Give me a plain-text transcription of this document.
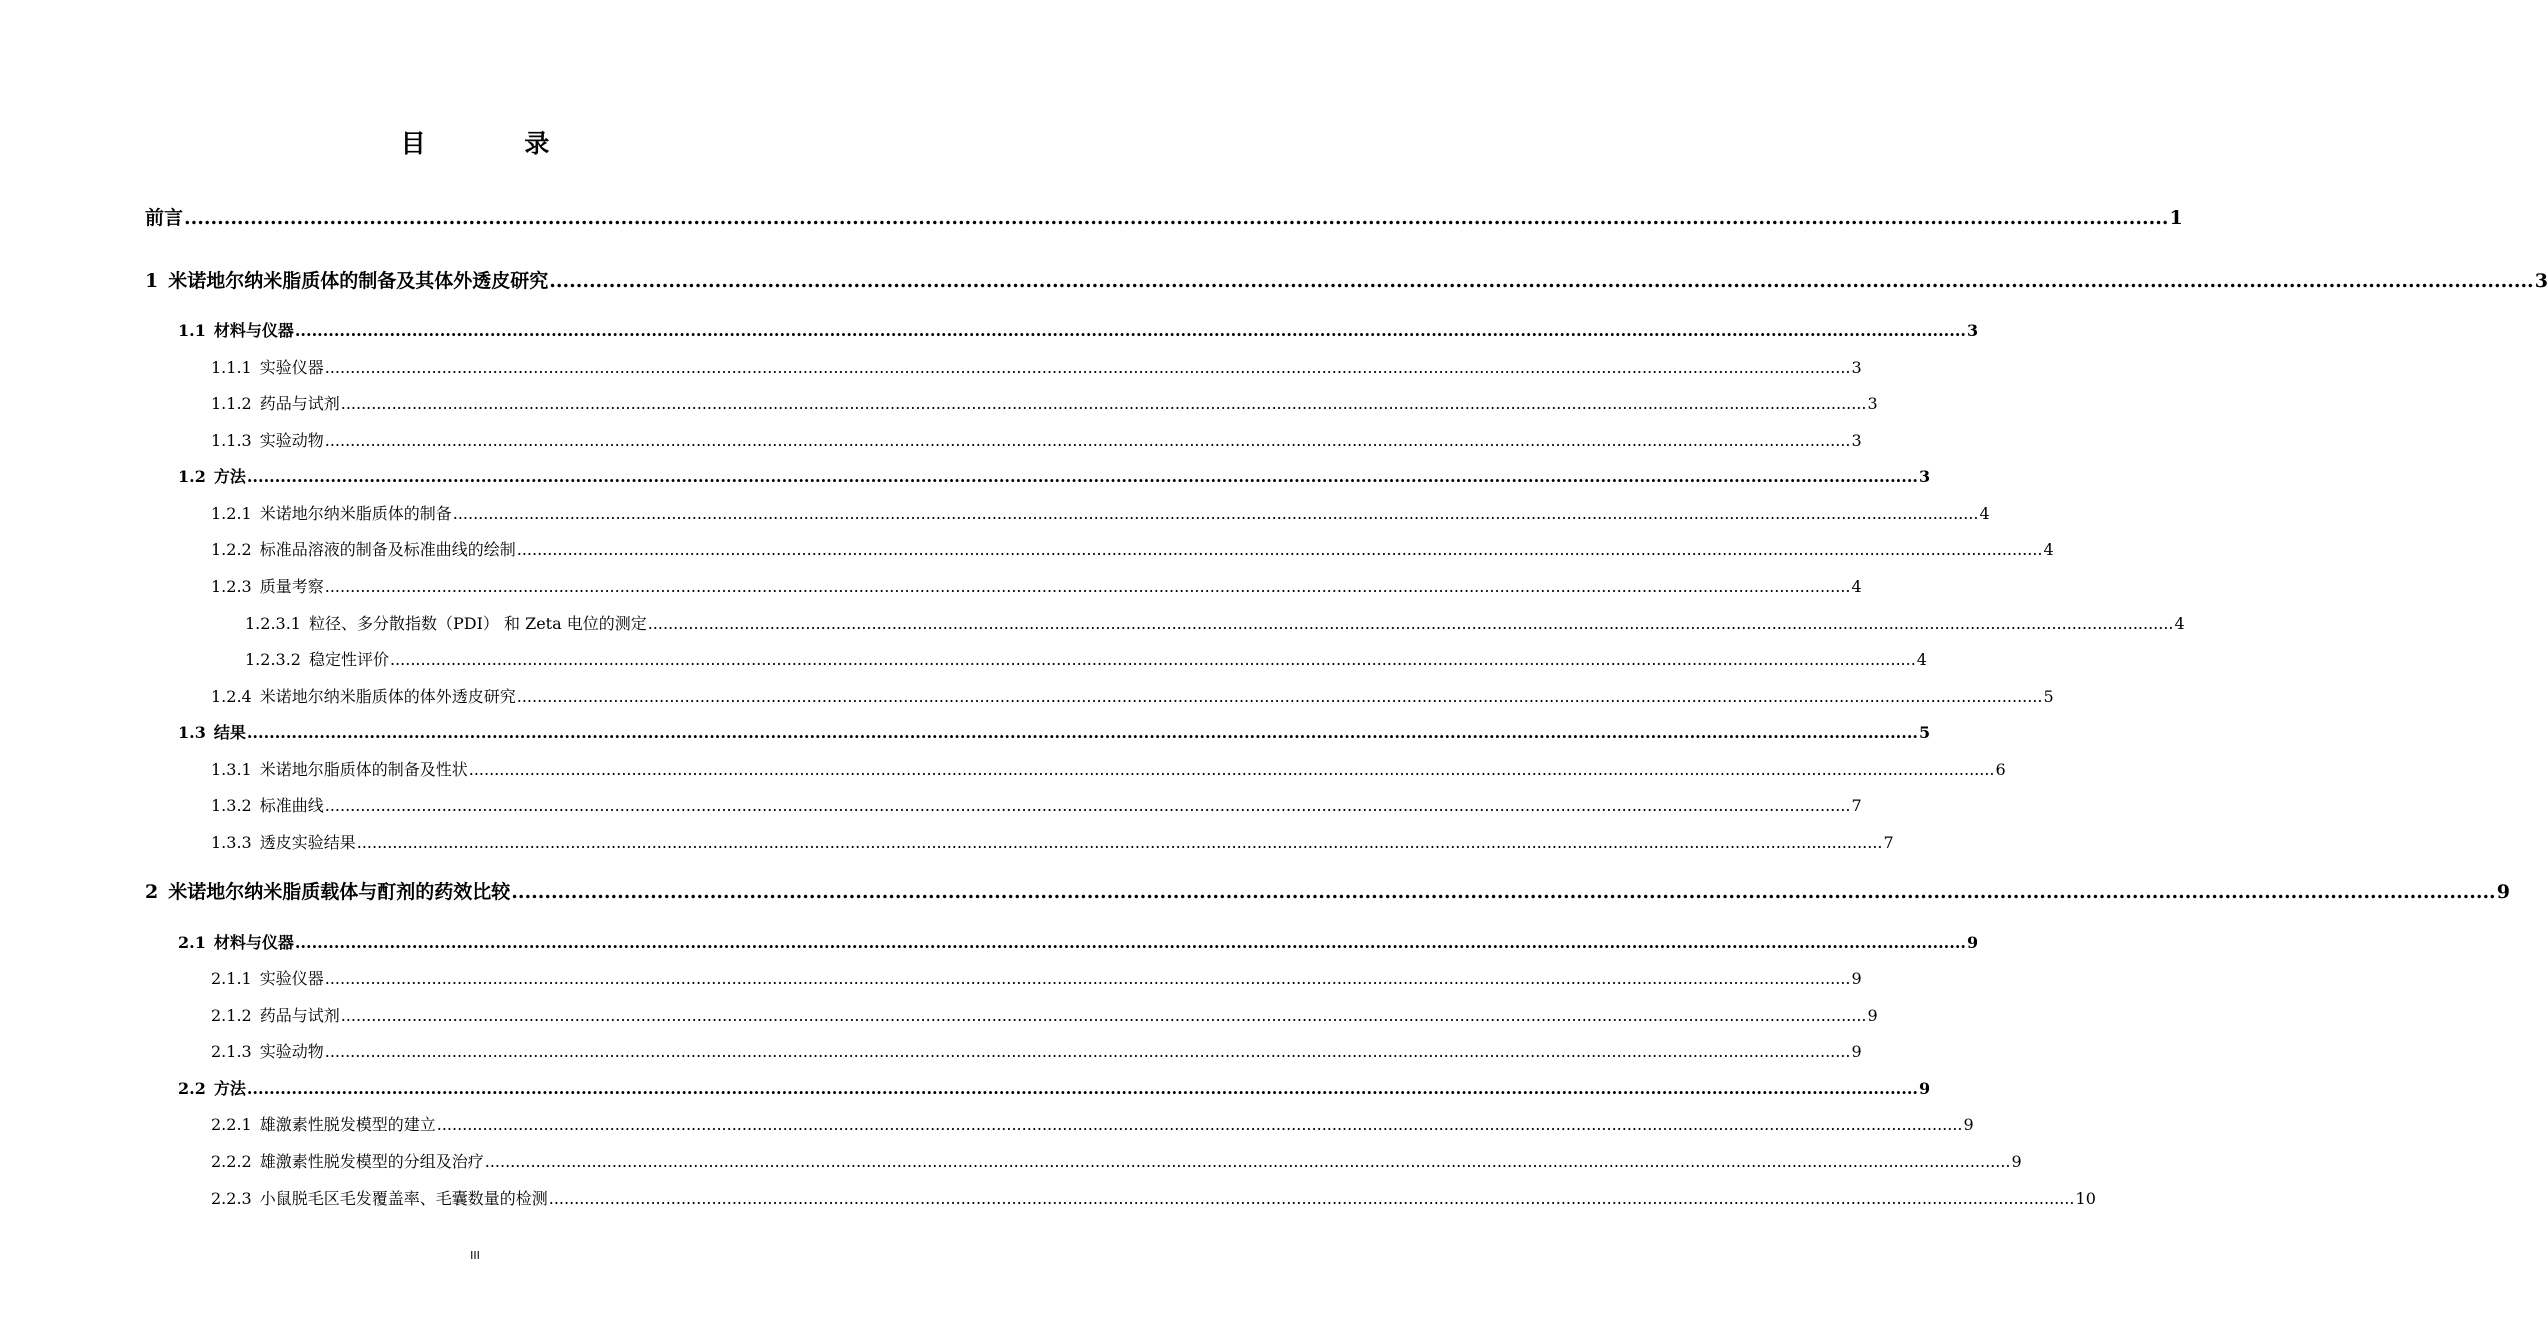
目 录
前言 ............................................................................................................................................................................................................................................................................................................ 1
1 米诺地尔纳米脂质体的制备及其体外透皮研究 ............................................................................................................................................................................................................................................................................................................ 3
1.1 材料与仪器 ............................................................................................................................................................................................................................................................................................................ 3
1.1.1 实验仪器 ............................................................................................................................................................................................................................................................................................................ 3
1.1.2 药品与试剂 ............................................................................................................................................................................................................................................................................................................ 3
1.1.3 实验动物 ............................................................................................................................................................................................................................................................................................................ 3
1.2 方法 ............................................................................................................................................................................................................................................................................................................ 3
1.2.1 米诺地尔纳米脂质体的制备 ............................................................................................................................................................................................................................................................................................................ 4
1.2.2 标准品溶液的制备及标准曲线的绘制 ............................................................................................................................................................................................................................................................................................................ 4
1.2.3 质量考察 ............................................................................................................................................................................................................................................................................................................ 4
1.2.3.1 粒径、多分散指数（PDI） 和 Zeta 电位的测定 ............................................................................................................................................................................................................................................................................................................ 4
1.2.3.2 稳定性评价 ............................................................................................................................................................................................................................................................................................................ 4
1.2.4 米诺地尔纳米脂质体的体外透皮研究 ............................................................................................................................................................................................................................................................................................................ 5
1.3 结果 ............................................................................................................................................................................................................................................................................................................ 5
1.3.1 米诺地尔脂质体的制备及性状 ............................................................................................................................................................................................................................................................................................................ 6
1.3.2 标准曲线 ............................................................................................................................................................................................................................................................................................................ 7
1.3.3 透皮实验结果 ............................................................................................................................................................................................................................................................................................................ 7
2 米诺地尔纳米脂质载体与酊剂的药效比较 ............................................................................................................................................................................................................................................................................................................ 9
2.1 材料与仪器 ............................................................................................................................................................................................................................................................................................................ 9
2.1.1 实验仪器 ............................................................................................................................................................................................................................................................................................................ 9
2.1.2 药品与试剂 ............................................................................................................................................................................................................................................................................................................ 9
2.1.3 实验动物 ............................................................................................................................................................................................................................................................................................................ 9
2.2 方法 ............................................................................................................................................................................................................................................................................................................ 9
2.2.1 雄激素性脱发模型的建立 ............................................................................................................................................................................................................................................................................................................ 9
2.2.2 雄激素性脱发模型的分组及治疗 ............................................................................................................................................................................................................................................................................................................ 9
2.2.3 小鼠脱毛区毛发覆盖率、毛囊数量的检测 ............................................................................................................................................................................................................................................................................................................ 10
III
